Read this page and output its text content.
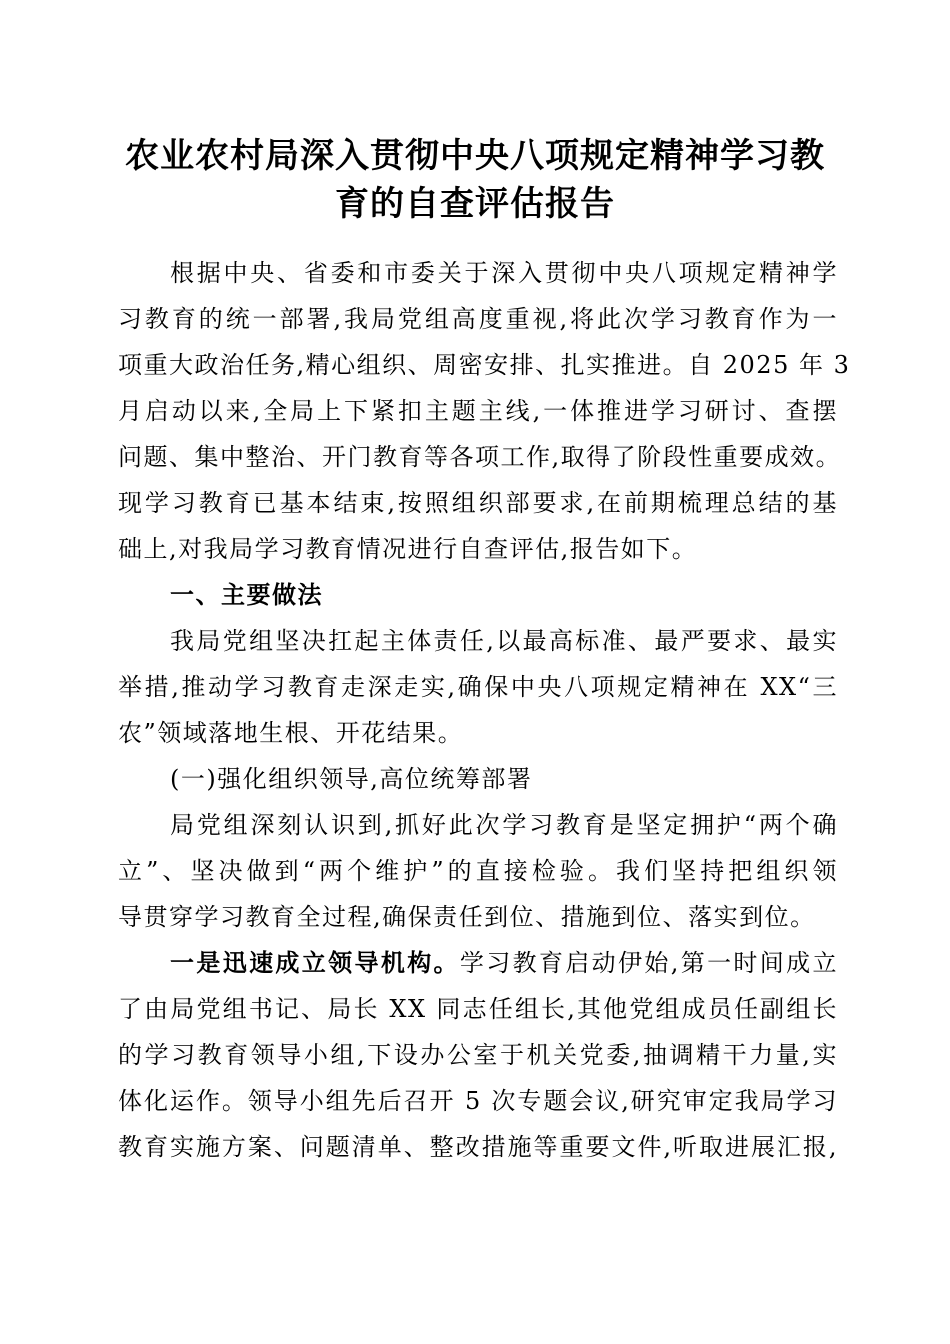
农业农村局深入贯彻中央八项规定精神学习教
育的自查评估报告
根据中央、省委和市委关于深入贯彻中央八项规定精神学
习教育的统一部署,我局党组高度重视,将此次学习教育作为一
项重大政治任务,精心组织、周密安排、扎实推进。自 2025 年 3
月启动以来,全局上下紧扣主题主线,一体推进学习研讨、查摆
问题、集中整治、开门教育等各项工作,取得了阶段性重要成效。
现学习教育已基本结束,按照组织部要求,在前期梳理总结的基
础上,对我局学习教育情况进行自查评估,报告如下。
一、主要做法
我局党组坚决扛起主体责任,以最高标准、最严要求、最实
举措,推动学习教育走深走实,确保中央八项规定精神在 XX“三
农”领域落地生根、开花结果。
(一)强化组织领导,高位统筹部署
局党组深刻认识到,抓好此次学习教育是坚定拥护“两个确
立”、坚决做到“两个维护”的直接检验。我们坚持把组织领
导贯穿学习教育全过程,确保责任到位、措施到位、落实到位。
一是迅速成立领导机构。学习教育启动伊始,第一时间成立
了由局党组书记、局长 XX 同志任组长,其他党组成员任副组长
的学习教育领导小组,下设办公室于机关党委,抽调精干力量,实
体化运作。领导小组先后召开 5 次专题会议,研究审定我局学习
教育实施方案、问题清单、整改措施等重要文件,听取进展汇报,
